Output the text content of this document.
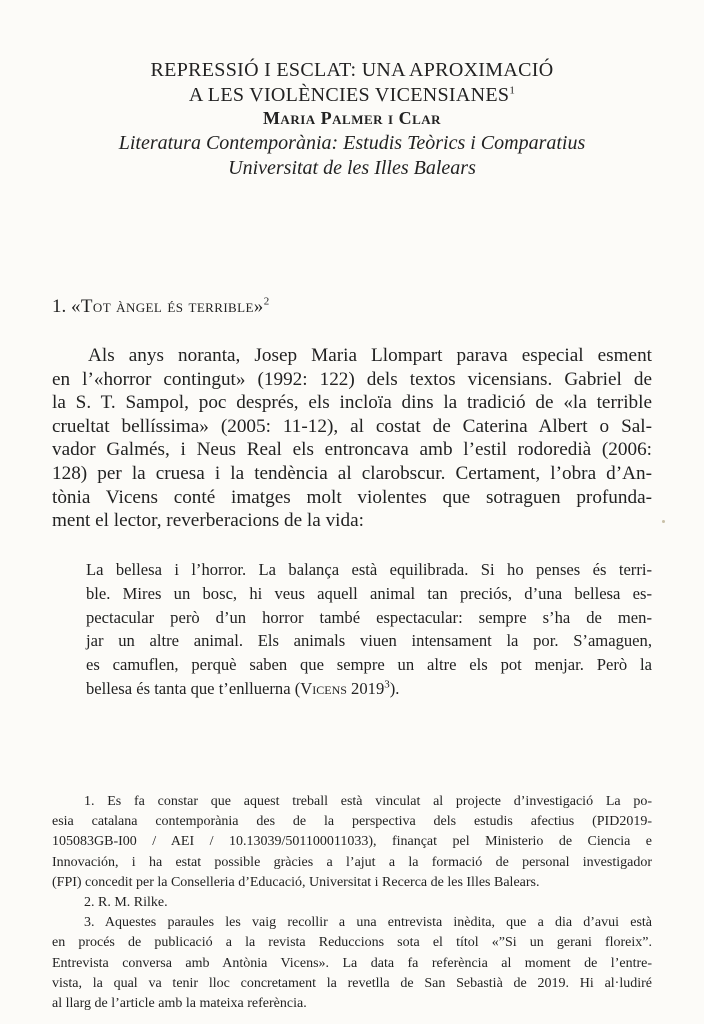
REPRESSIÓ I ESCLAT: UNA APROXIMACIÓ
A LES VIOLÈNCIES VICENSIANES$^1$
Maria Palmer i Clar
Literatura Contemporània: Estudis Teòrics i Comparatius
Universitat de les Illes Balears
1. «Tot àngel és terrible»$^2$
Als anys noranta, Josep Maria Llompart parava especial esment
en l’«horror contingut» (1992: 122) dels textos vicensians. Gabriel de
la S. T. Sampol, poc després, els incloïa dins la tradició de «la terrible
crueltat bellíssima» (2005: 11-12), al costat de Caterina Albert o Sal-
vador Galmés, i Neus Real els entroncava amb l’estil rodoredià (2006:
128) per la cruesa i la tendència al clarobscur. Certament, l’obra d’An-
tònia Vicens conté imatges molt violentes que sotraguen profunda-
ment el lector, reverberacions de la vida:
La bellesa i l’horror. La balança està equilibrada. Si ho penses és terri-
ble. Mires un bosc, hi veus aquell animal tan preciós, d’una bellesa es-
pectacular però d’un horror també espectacular: sempre s’ha de men-
jar un altre animal. Els animals viuen intensament la por. S’amaguen,
es camuflen, perquè saben que sempre un altre els pot menjar. Però la
bellesa és tanta que t’enlluerna (Vicens 2019$^3$).
1. Es fa constar que aquest treball està vinculat al projecte d’investigació La po-
esia catalana contemporània des de la perspectiva dels estudis afectius (PID2019-
105083GB-I00 / AEI / 10.13039/501100011033), finançat pel Ministerio de Ciencia e
Innovación, i ha estat possible gràcies a l’ajut a la formació de personal investigador
(FPI) concedit per la Conselleria d’Educació, Universitat i Recerca de les Illes Balears.
2. R. M. Rilke.
3. Aquestes paraules les vaig recollir a una entrevista inèdita, que a dia d’avui està
en procés de publicació a la revista Reduccions sota el títol «”Si un gerani floreix”.
Entrevista conversa amb Antònia Vicens». La data fa referència al moment de l’entre-
vista, la qual va tenir lloc concretament la revetlla de San Sebastià de 2019. Hi al·ludiré
al llarg de l’article amb la mateixa referència.
